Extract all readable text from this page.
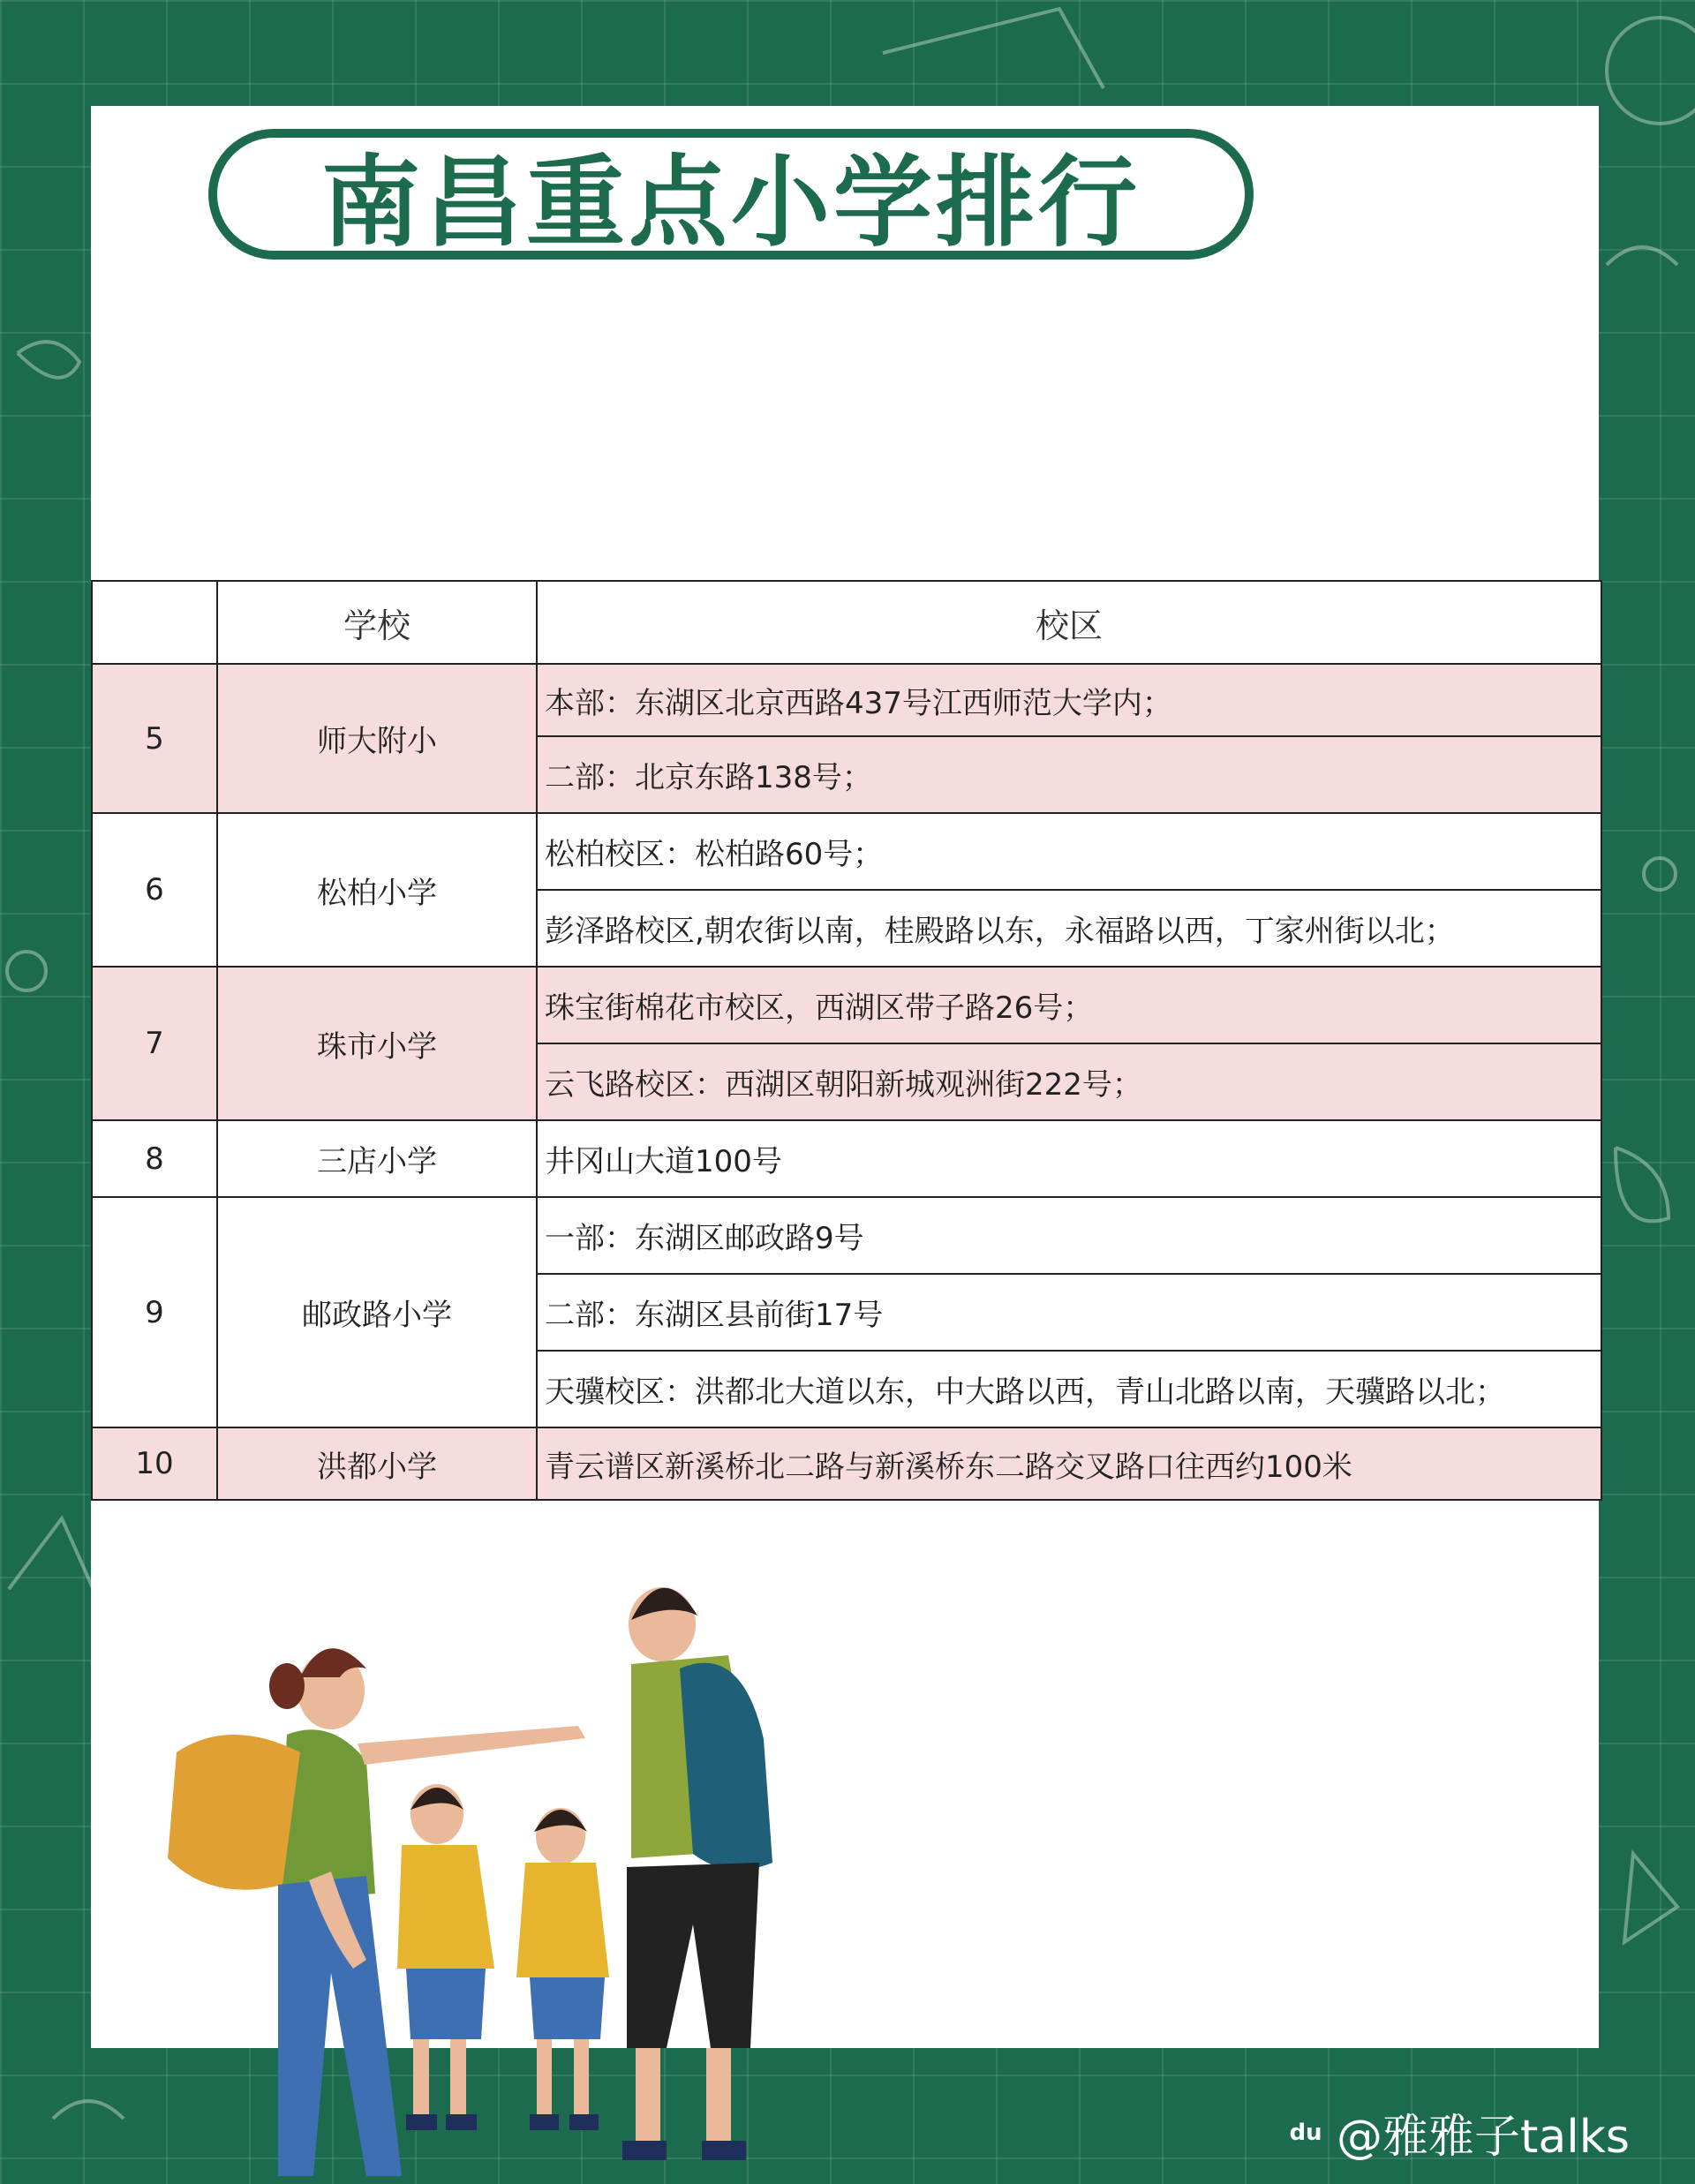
南昌重点小学排行
	学校	校区
5	师大附小	本部：东湖区北京西路437号江西师范大学内；
		二部：北京东路138号；
6	松柏小学	松柏校区：松柏路60号；
		彭泽路校区,朝农街以南，桂殿路以东，永福路以西，丁家州街以北；
7	珠市小学	珠宝街棉花市校区，西湖区带子路26号；
		云飞路校区：西湖区朝阳新城观洲街222号；
8	三店小学	井冈山大道100号
9	邮政路小学	一部：东湖区邮政路9号
		二部：东湖区县前街17号
		天骥校区：洪都北大道以东，中大路以西，青山北路以南，天骥路以北；
10	洪都小学	青云谱区新溪桥北二路与新溪桥东二路交叉路口往西约100米
du @雅雅子talks
